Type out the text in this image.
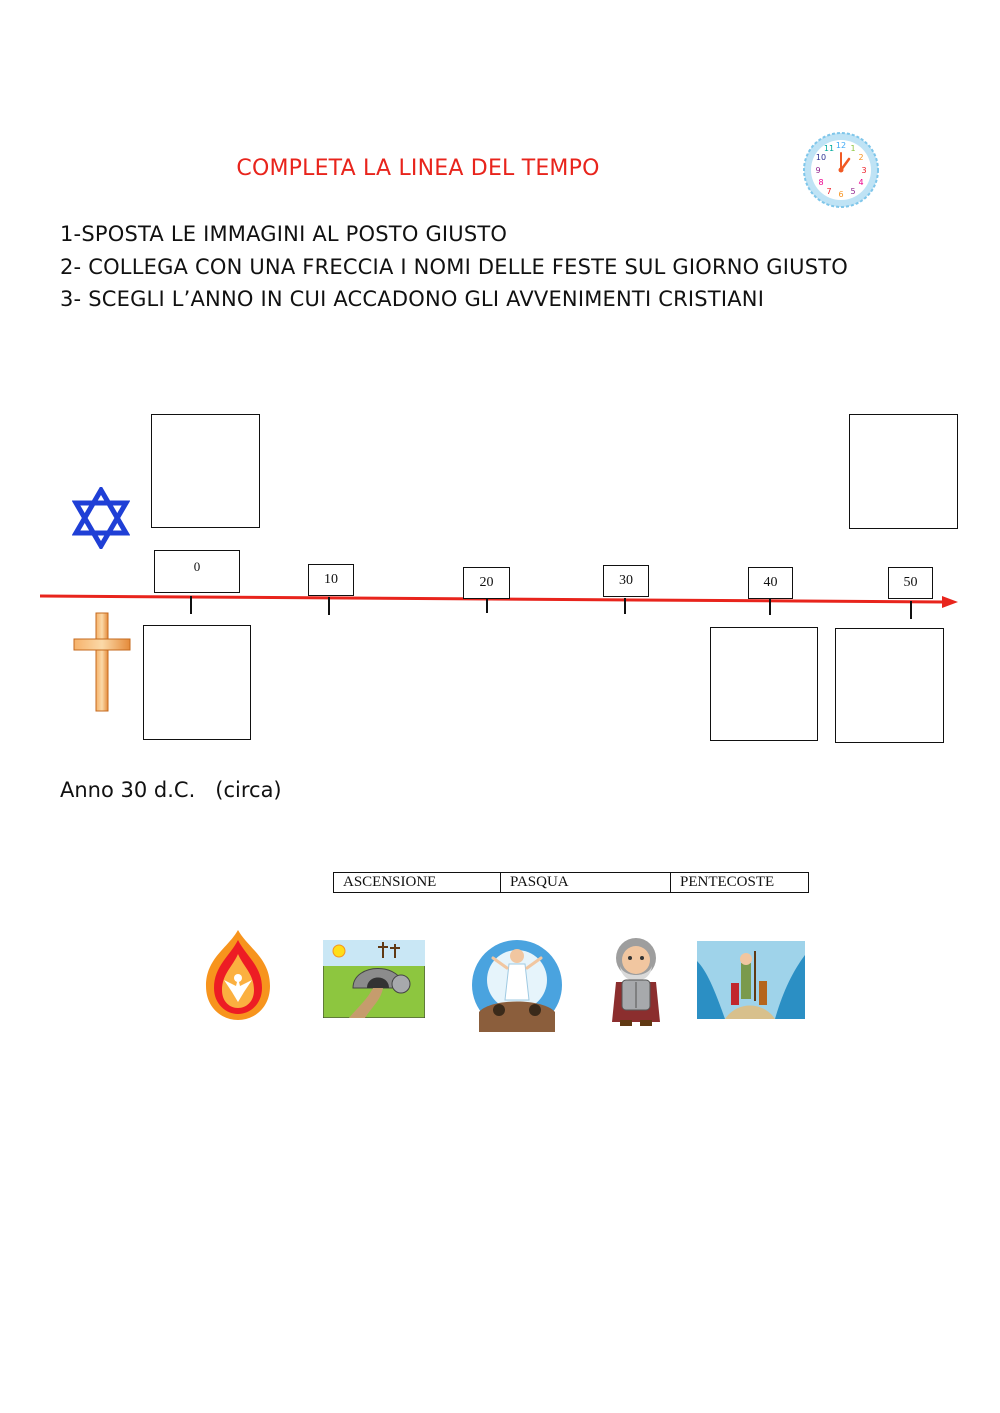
COMPLETA LA LINEA DEL TEMPO
12 1
2
3
4
5
6
7
8
9
10
11
1-SPOSTA LE IMMAGINI AL POSTO GIUSTO
2- COLLEGA CON UNA FRECCIA I NOMI DELLE FESTE SUL GIORNO GIUSTO
3- SCEGLI L’ANNO IN CUI ACCADONO GLI AVVENIMENTI CRISTIANI
0
10	20	30	40	50
Anno 30 d.C.   (circa)
ASCENSIONE	PASQUA	PENTECOSTE
